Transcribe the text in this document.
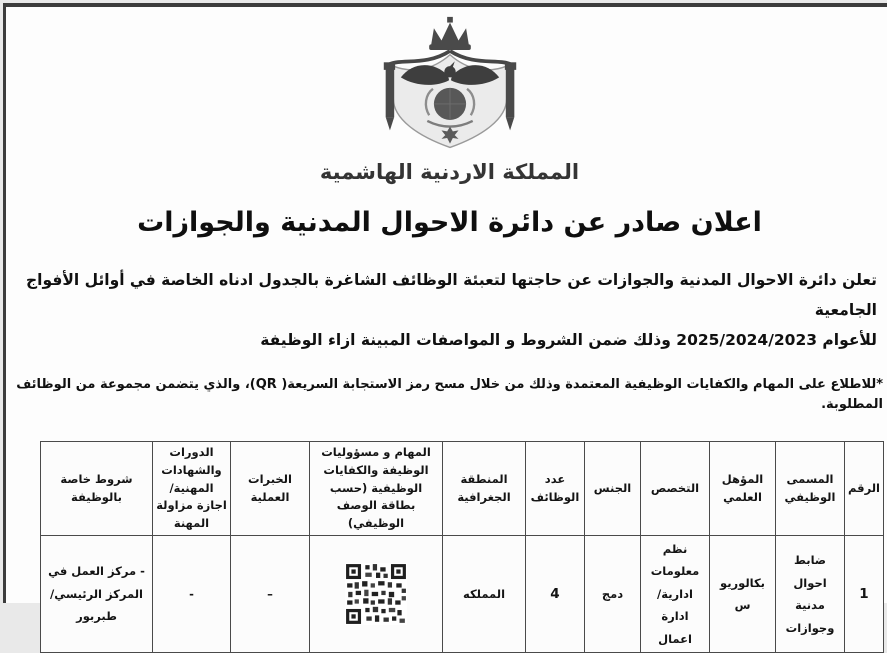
المملكة الاردنية الهاشمية
اعلان صادر عن دائرة الاحوال المدنية والجوازات
تعلن دائرة الاحوال المدنية والجوازات عن حاجتها لتعبئة الوظائف الشاغرة بالجدول ادناه الخاصة في أوائل الأفواج الجامعية
للأعوام 2025/2024/2023 وذلك ضمن الشروط و المواصفات المبينة ازاء الوظيفة
*للاطلاع على المهام والكفايات الوظيفية المعتمدة وذلك من خلال مسح رمز الاستجابة السريعة( QR)، والذي يتضمن مجموعة من الوظائف المطلوبة.
الرقم	المسمى الوظيفي	المؤهل العلمي	التخصص	الجنس	عدد الوظائف	المنطقة الجغرافية	المهام و مسؤوليات الوظيفة والكفايات الوظيفية (حسب بطاقة الوصف الوظيفي)	الخبرات العملية	الدورات والشهادات المهنية/اجازة مزاولة المهنة	شروط خاصة بالوظيفة
1	ضابط احوال مدنية وجوازات	بكالوريوس	نظم معلومات ادارية/ ادارة اعمال	دمج	4	المملكه		–	-	- مركز العمل في المركز الرئيسي/طبربور
